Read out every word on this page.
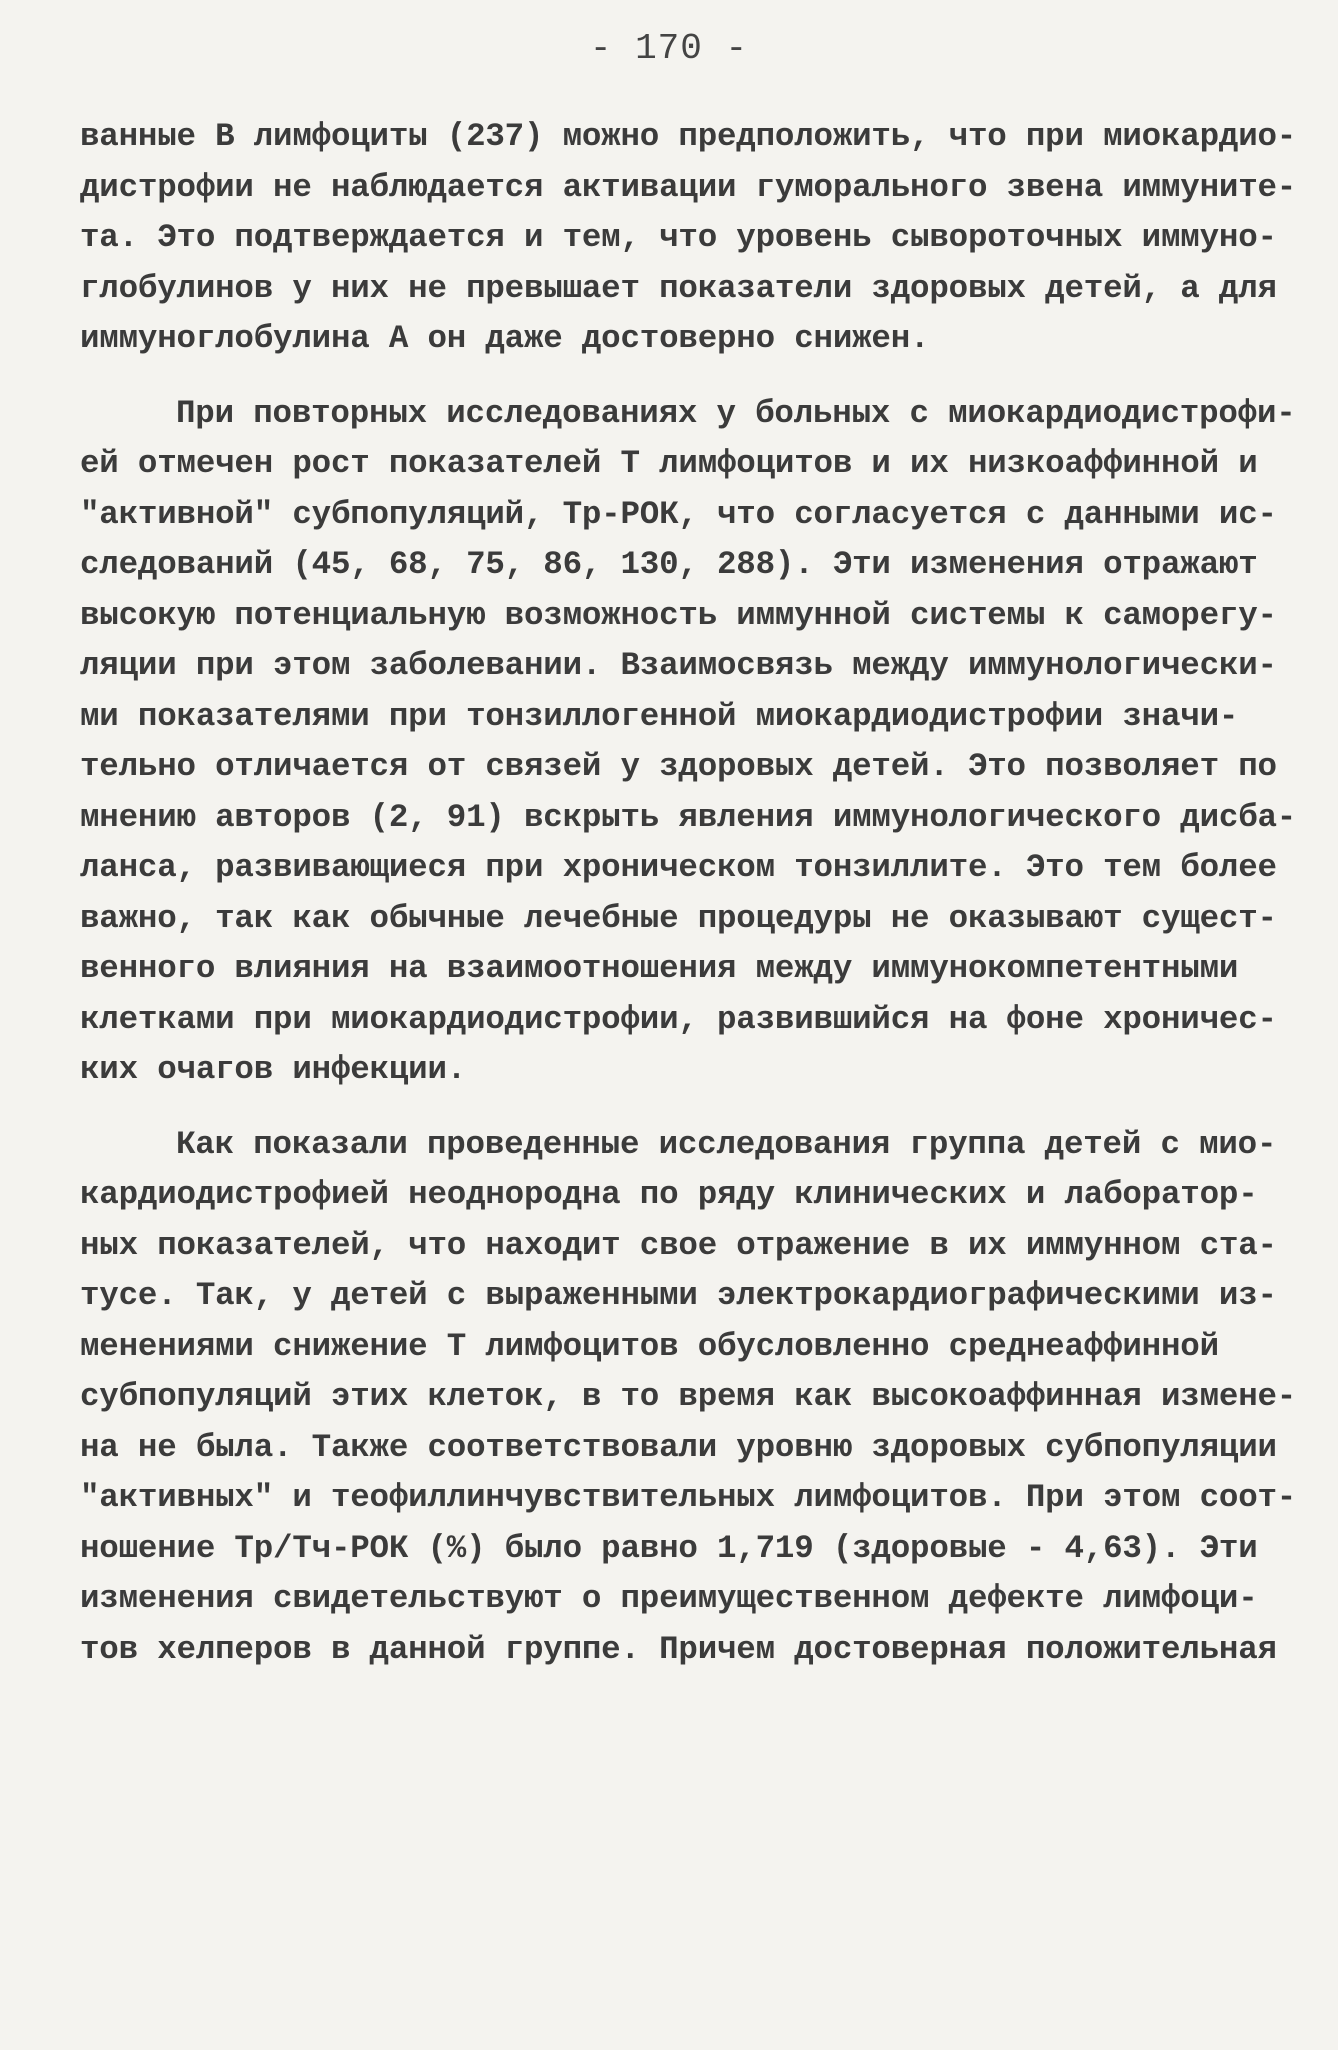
- 170 -
ванные В лимфоциты (237) можно предположить, что при миокардио-
дистрофии не наблюдается активации гуморального звена иммуните-
та. Это подтверждается и тем, что уровень сывороточных иммуно-
глобулинов у них не превышает показатели здоровых детей, а для
иммуноглобулина А он даже достоверно снижен.
При повторных исследованиях у больных с миокардиодистрофи-
ей отмечен рост показателей Т лимфоцитов и их низкоаффинной и
"активной" субпопуляций, Тр-РОК, что согласуется с данными ис-
следований (45, 68, 75, 86, 130, 288). Эти изменения отражают
высокую потенциальную возможность иммунной системы к саморегу-
ляции при этом заболевании. Взаимосвязь между иммунологически-
ми показателями при тонзиллогенной миокардиодистрофии значи-
тельно отличается от связей у здоровых детей. Это позволяет по
мнению авторов (2, 91) вскрыть явления иммунологического дисба-
ланса, развивающиеся при хроническом тонзиллите. Это тем более
важно, так как обычные лечебные процедуры не оказывают сущест-
венного влияния на взаимоотношения между иммунокомпетентными
клетками при миокардиодистрофии, развившийся на фоне хроничес-
ких очагов инфекции.
Как показали проведенные исследования группа детей с мио-
кардиодистрофией неоднородна по ряду клинических и лаборатор-
ных показателей, что находит свое отражение в их иммунном ста-
тусе. Так, у детей с выраженными электрокардиографическими из-
менениями снижение Т лимфоцитов обусловленно среднеаффинной
субпопуляций этих клеток, в то время как высокоаффинная измене-
на не была. Также соответствовали уровню здоровых субпопуляции
"активных" и теофиллинчувствительных лимфоцитов. При этом соот-
ношение Тр/Тч-РОК (%) было равно 1,719 (здоровые - 4,63). Эти
изменения свидетельствуют о преимущественном дефекте лимфоци-
тов хелперов в данной группе. Причем достоверная положительная
